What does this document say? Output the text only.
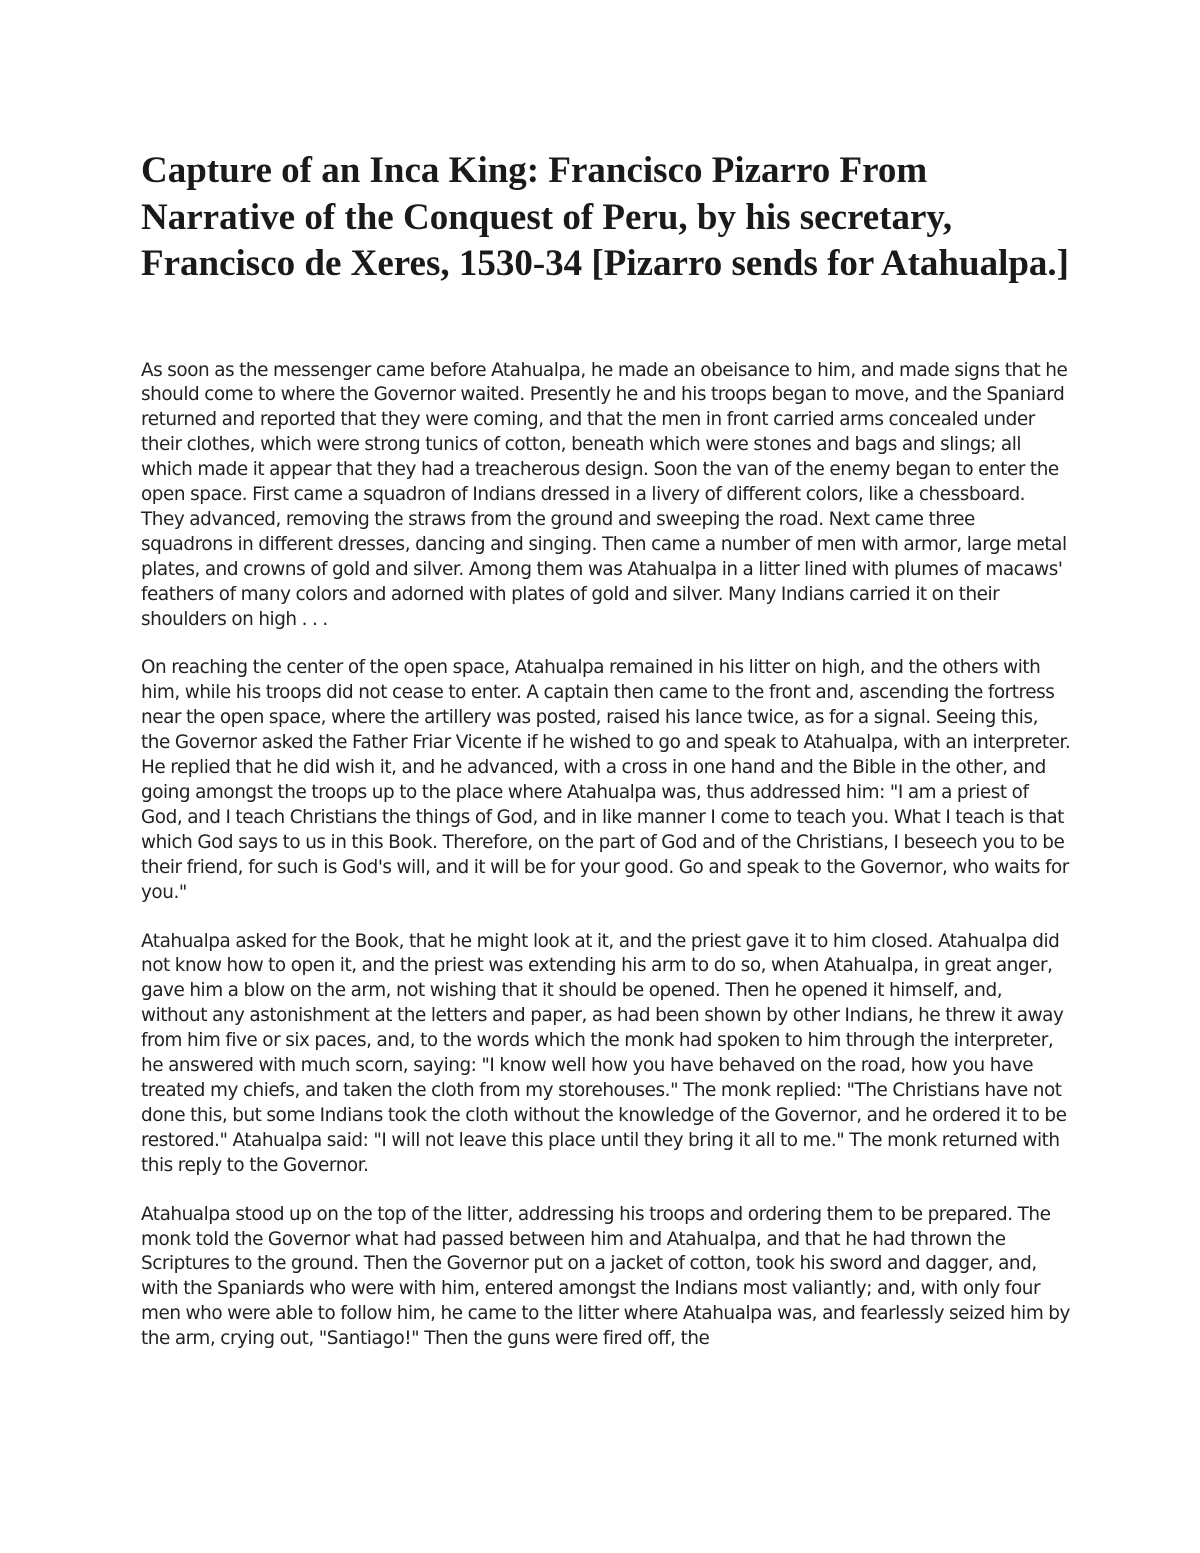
Capture of an Inca King: Francisco Pizarro From Narrative of the Conquest of Peru, by his secretary, Francisco de Xeres, 1530-34 [Pizarro sends for Atahualpa.]

As soon as the messenger came before Atahualpa, he made an obeisance to him, and made signs that he should come to where the Governor waited. Presently he and his troops began to move, and the Spaniard returned and reported that they were coming, and that the men in front carried arms concealed under their clothes, which were strong tunics of cotton, beneath which were stones and bags and slings; all which made it appear that they had a treacherous design. Soon the van of the enemy began to enter the open space. First came a squadron of Indians dressed in a livery of different colors, like a chessboard. They advanced, removing the straws from the ground and sweeping the road. Next came three squadrons in different dresses, dancing and singing. Then came a number of men with armor, large metal plates, and crowns of gold and silver. Among them was Atahualpa in a litter lined with plumes of macaws' feathers of many colors and adorned with plates of gold and silver. Many Indians carried it on their shoulders on high . . .

On reaching the center of the open space, Atahualpa remained in his litter on high, and the others with him, while his troops did not cease to enter. A captain then came to the front and, ascending the fortress near the open space, where the artillery was posted, raised his lance twice, as for a signal. Seeing this, the Governor asked the Father Friar Vicente if he wished to go and speak to Atahualpa, with an interpreter. He replied that he did wish it, and he advanced, with a cross in one hand and the Bible in the other, and going amongst the troops up to the place where Atahualpa was, thus addressed him: "I am a priest of God, and I teach Christians the things of God, and in like manner I come to teach you. What I teach is that which God says to us in this Book. Therefore, on the part of God and of the Christians, I beseech you to be their friend, for such is God's will, and it will be for your good. Go and speak to the Governor, who waits for you."

Atahualpa asked for the Book, that he might look at it, and the priest gave it to him closed. Atahualpa did not know how to open it, and the priest was extending his arm to do so, when Atahualpa, in great anger, gave him a blow on the arm, not wishing that it should be opened. Then he opened it himself, and, without any astonishment at the letters and paper, as had been shown by other Indians, he threw it away from him five or six paces, and, to the words which the monk had spoken to him through the interpreter, he answered with much scorn, saying: "I know well how you have behaved on the road, how you have treated my chiefs, and taken the cloth from my storehouses." The monk replied: "The Christians have not done this, but some Indians took the cloth without the knowledge of the Governor, and he ordered it to be restored." Atahualpa said: "I will not leave this place until they bring it all to me." The monk returned with this reply to the Governor.

Atahualpa stood up on the top of the litter, addressing his troops and ordering them to be prepared. The monk told the Governor what had passed between him and Atahualpa, and that he had thrown the Scriptures to the ground. Then the Governor put on a jacket of cotton, took his sword and dagger, and, with the Spaniards who were with him, entered amongst the Indians most valiantly; and, with only four men who were able to follow him, he came to the litter where Atahualpa was, and fearlessly seized him by the arm, crying out, "Santiago!" Then the guns were fired off, the
